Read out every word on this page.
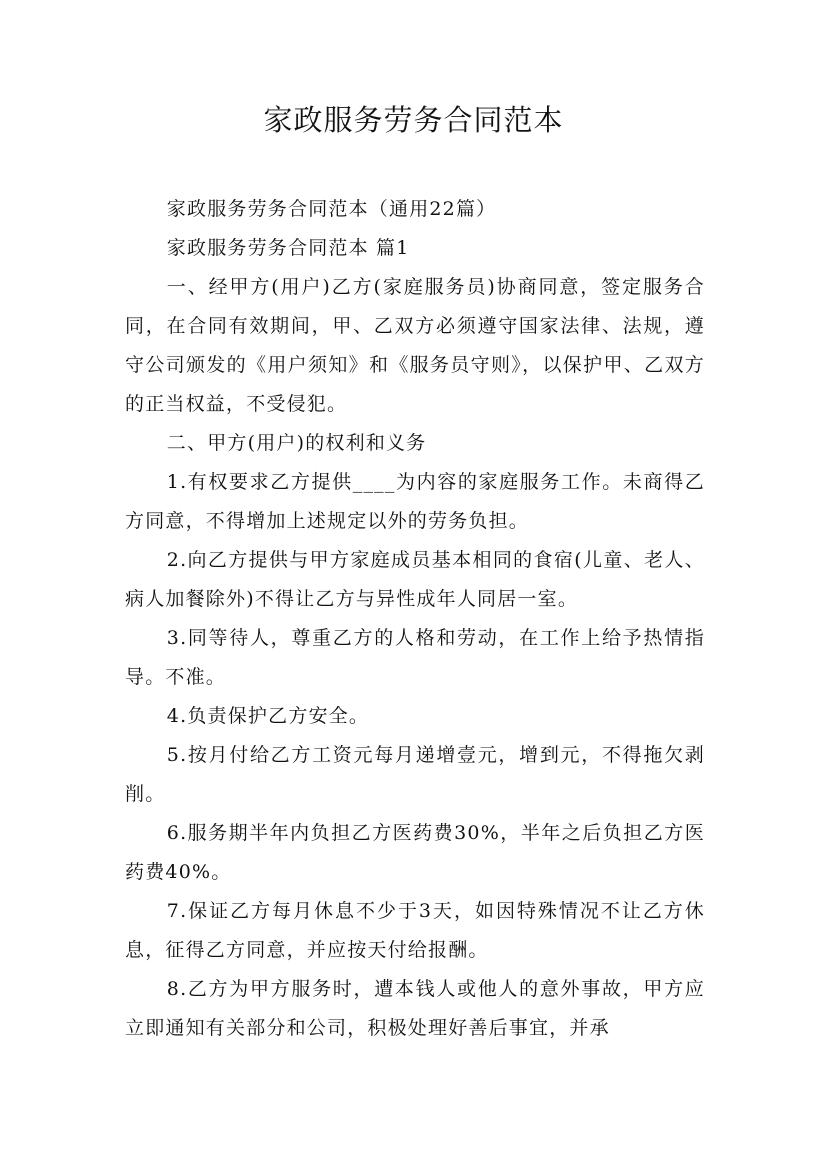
家政服务劳务合同范本

家政服务劳务合同范本（通用22篇）

家政服务劳务合同范本 篇1

一、经甲方(用户)乙方(家庭服务员)协商同意，签定服务合同，在合同有效期间，甲、乙双方必须遵守国家法律、法规，遵守公司颁发的《用户须知》和《服务员守则》，以保护甲、乙双方的正当权益，不受侵犯。

二、甲方(用户)的权利和义务

1.有权要求乙方提供____为内容的家庭服务工作。未商得乙方同意，不得增加上述规定以外的劳务负担。

2.向乙方提供与甲方家庭成员基本相同的食宿(儿童、老人、病人加餐除外)不得让乙方与异性成年人同居一室。

3.同等待人，尊重乙方的人格和劳动，在工作上给予热情指导。不准。

4.负责保护乙方安全。

5.按月付给乙方工资元每月递增壹元，增到元，不得拖欠剥削。

6.服务期半年内负担乙方医药费30%，半年之后负担乙方医药费40%。

7.保证乙方每月休息不少于3天，如因特殊情况不让乙方休息，征得乙方同意，并应按天付给报酬。

8.乙方为甲方服务时，遭本钱人或他人的意外事故，甲方应立即通知有关部分和公司，积极处理好善后事宜，并承
